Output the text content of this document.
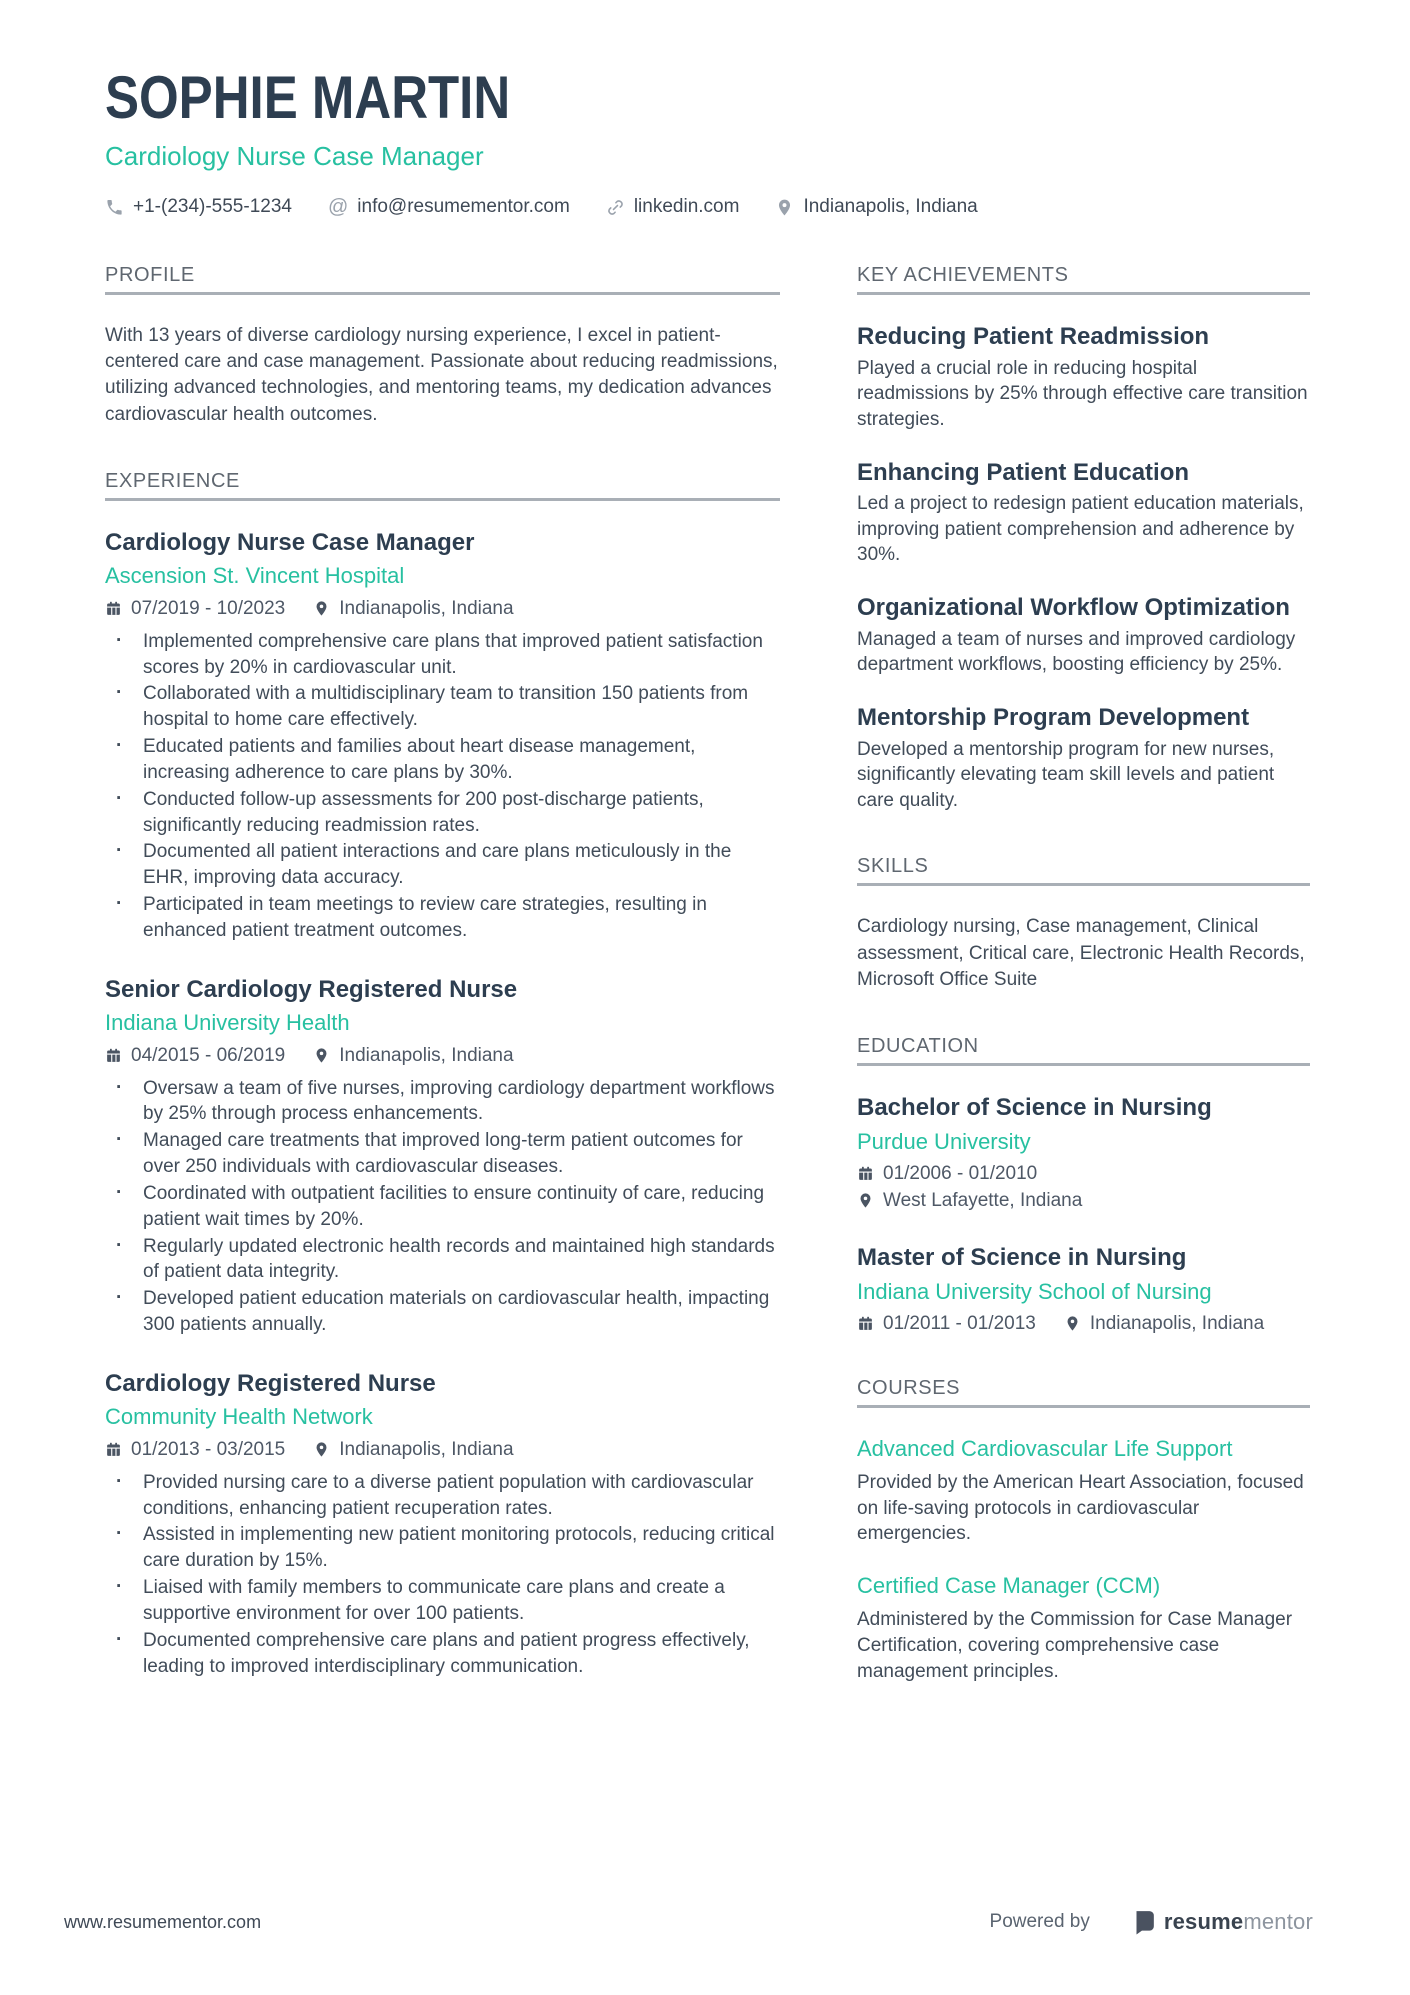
SOPHIE MARTIN
Cardiology Nurse Case Manager
+1-(234)-555-1234 @ info@resumementor.com	linkedin.com	Indianapolis, Indiana
PROFILE
With 13 years of diverse cardiology nursing experience, I excel in patient-centered care and case management. Passionate about reducing readmissions, utilizing advanced technologies, and mentoring teams, my dedication advances cardiovascular health outcomes.
EXPERIENCE
Cardiology Nurse Case Manager
Ascension St. Vincent Hospital
07/2019 - 10/2023	Indianapolis, Indiana
· Implemented comprehensive care plans that improved patient satisfaction scores by 20% in cardiovascular unit.
· Collaborated with a multidisciplinary team to transition 150 patients from hospital to home care effectively.
· Educated patients and families about heart disease management, increasing adherence to care plans by 30%.
· Conducted follow-up assessments for 200 post-discharge patients, significantly reducing readmission rates.
· Documented all patient interactions and care plans meticulously in the EHR, improving data accuracy.
· Participated in team meetings to review care strategies, resulting in enhanced patient treatment outcomes.
Senior Cardiology Registered Nurse
Indiana University Health
04/2015 - 06/2019	Indianapolis, Indiana
· Oversaw a team of five nurses, improving cardiology department workflows by 25% through process enhancements.
· Managed care treatments that improved long-term patient outcomes for over 250 individuals with cardiovascular diseases.
· Coordinated with outpatient facilities to ensure continuity of care, reducing patient wait times by 20%.
· Regularly updated electronic health records and maintained high standards of patient data integrity.
· Developed patient education materials on cardiovascular health, impacting 300 patients annually.
Cardiology Registered Nurse
Community Health Network
01/2013 - 03/2015	Indianapolis, Indiana
· Provided nursing care to a diverse patient population with cardiovascular conditions, enhancing patient recuperation rates.
· Assisted in implementing new patient monitoring protocols, reducing critical care duration by 15%.
· Liaised with family members to communicate care plans and create a supportive environment for over 100 patients.
· Documented comprehensive care plans and patient progress effectively, leading to improved interdisciplinary communication.
KEY ACHIEVEMENTS
Reducing Patient Readmission
Played a crucial role in reducing hospital readmissions by 25% through effective care transition strategies.
Enhancing Patient Education
Led a project to redesign patient education materials, improving patient comprehension and adherence by 30%.
Organizational Workflow Optimization
Managed a team of nurses and improved cardiology department workflows, boosting efficiency by 25%.
Mentorship Program Development
Developed a mentorship program for new nurses, significantly elevating team skill levels and patient care quality.
SKILLS
Cardiology nursing, Case management, Clinical assessment, Critical care, Electronic Health Records, Microsoft Office Suite
EDUCATION
Bachelor of Science in Nursing
Purdue University
01/2006 - 01/2010
West Lafayette, Indiana
Master of Science in Nursing
Indiana University School of Nursing
01/2011 - 01/2013	Indianapolis, Indiana
COURSES
Advanced Cardiovascular Life Support
Provided by the American Heart Association, focused on life-saving protocols in cardiovascular emergencies.
Certified Case Manager (CCM)
Administered by the Commission for Case Manager Certification, covering comprehensive case management principles.
www.resumementor.com	Powered by	resumementor
